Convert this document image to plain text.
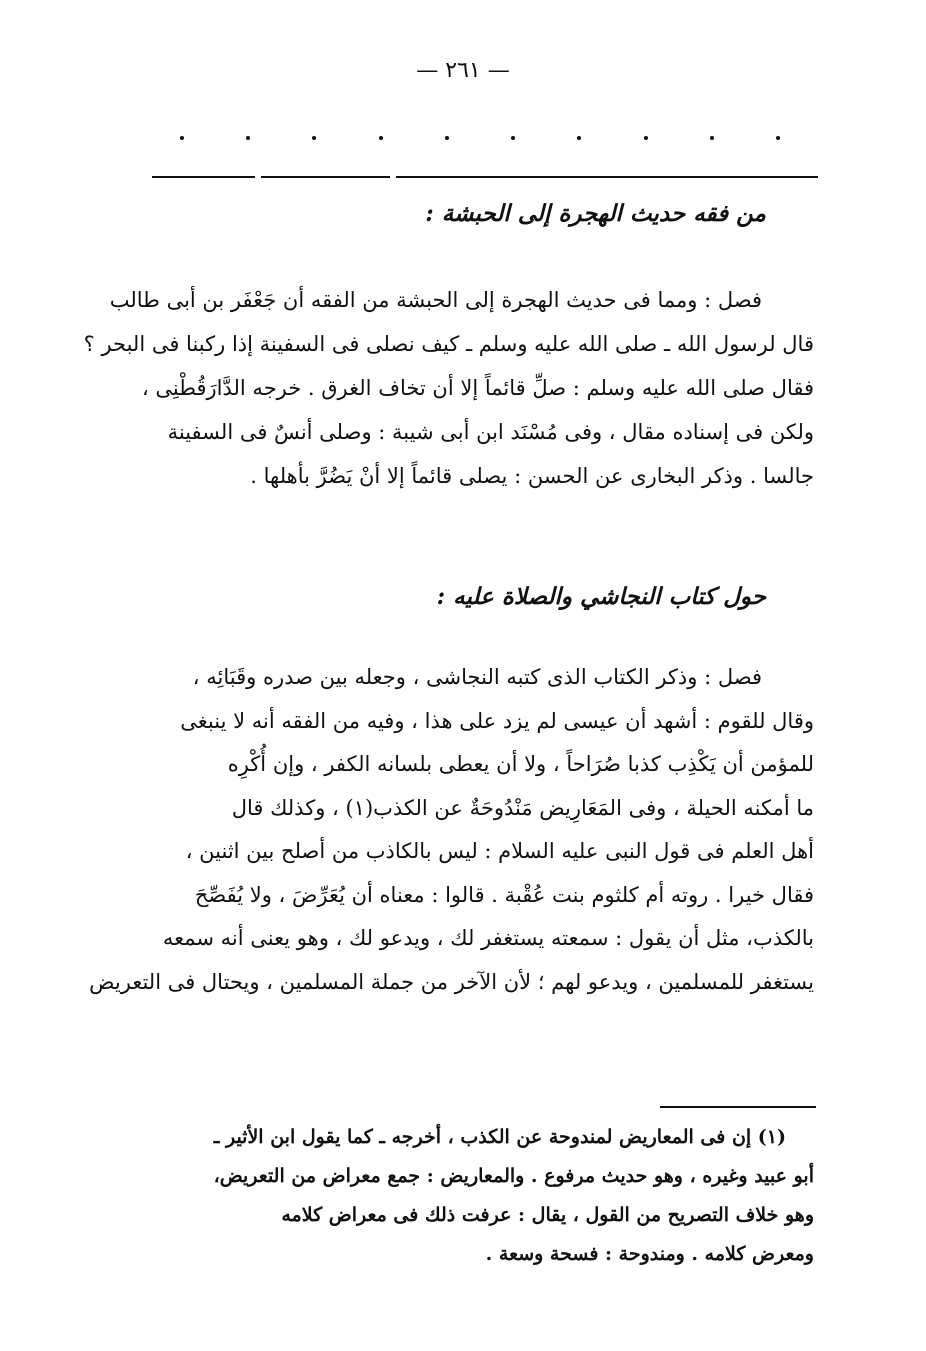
— ٢٦١ —
من فقه حديث الهجرة إلى الحبشة :
فصل : ومما فى حديث الهجرة إلى الحبشة من الفقه أن جَعْفَر بن أبى طالب
قال لرسول الله ـ صلى الله عليه وسلم ـ كيف نصلى فى السفينة إذا ركبنا فى البحر ؟
فقال صلى الله عليه وسلم : صلِّ قائماً إلا أن تخاف الغرق . خرجه الدَّارَقُطْنِى ،
ولكن فى إسناده مقال ، وفى مُسْنَد ابن أبى شيبة : وصلى أنسٌ فى السفينة
جالسا . وذكر البخارى عن الحسن : يصلى قائماً إلا أنْ يَضُرَّ بأهلها .
حول كتاب النجاشي والصلاة عليه :
فصل : وذكر الكتاب الذى كتبه النجاشى ، وجعله بين صدره وقَبَائِه ،
وقال للقوم : أشهد أن عيسى لم يزد على هذا ، وفيه من الفقه أنه لا ينبغى
للمؤمن أن يَكْذِب كذبا صُرَاحاً ، ولا أن يعطى بلسانه الكفر ، وإن أُكْرِه
ما أمكنه الحيلة ، وفى المَعَارِيض مَنْدُوحَةٌ عن الكذب(١) ، وكذلك قال
أهل العلم فى قول النبى عليه السلام : ليس بالكاذب من أصلح بين اثنين ،
فقال خيرا . روته أم كلثوم بنت عُقْبة . قالوا : معناه أن يُعَرِّضَ ، ولا يُفَصِّحَ
بالكذب، مثل أن يقول : سمعته يستغفر لك ، ويدعو لك ، وهو يعنى أنه سمعه
يستغفر للمسلمين ، ويدعو لهم ؛ لأن الآخر من جملة المسلمين ، ويحتال فى التعريض
(١) إن فى المعاريض لمندوحة عن الكذب ، أخرجه ـ كما يقول ابن الأثير ـ
أبو عبيد وغيره ، وهو حديث مرفوع . والمعاريض : جمع معراض من التعريض،
وهو خلاف التصريح من القول ، يقال : عرفت ذلك فى معراض كلامه
ومعرض كلامه . ومندوحة : فسحة وسعة .
